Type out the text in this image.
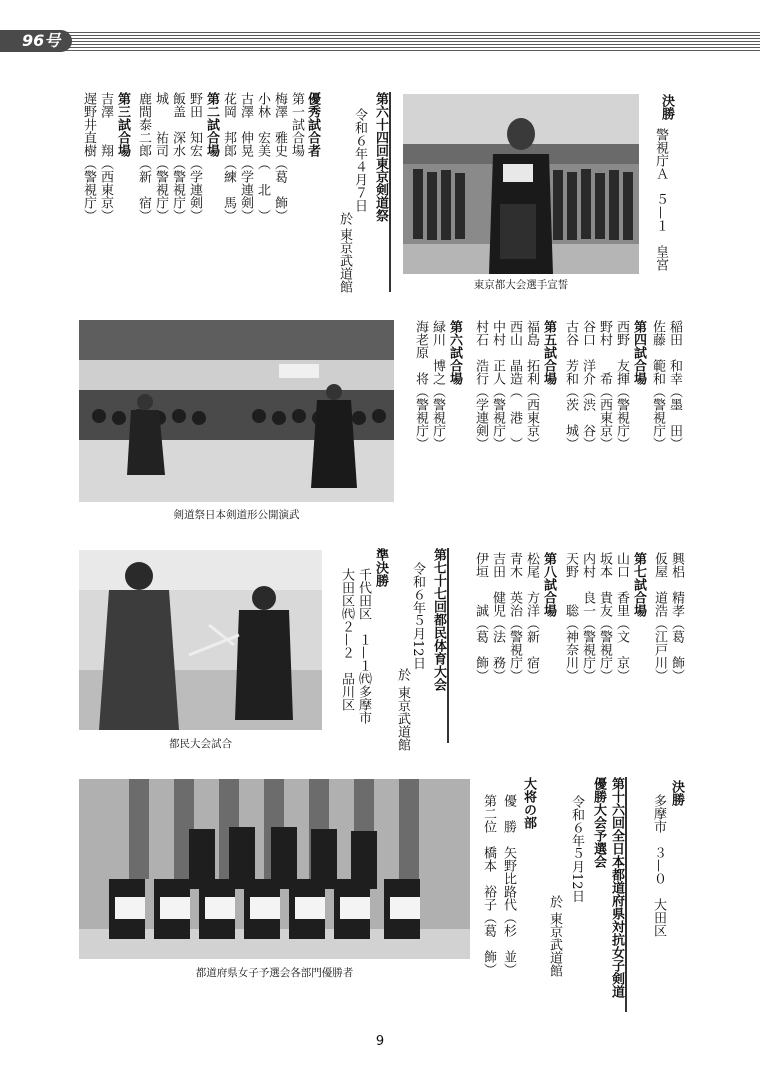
96号
決勝
警視庁Ａ５—１皇宮
東京都大会選手宣誓
第六十四回東京剣道祭
令和６年４月７日
於
東京武道館
優秀試合者
第一試合場
梅澤　雅史（葛　飾）
小林　宏美（　北　）
古澤　伸晃（学連剣）
花岡　邦郎（練　馬）
第二試合場
野田　知宏（学連剣）
飯盖　深水（警視庁）
城　　祐司（警視庁）
鹿間泰二郎（新　宿）
第三試合場
吉澤　　翔（西東京）
遅野井直樹（警視庁）
稲田　和幸（墨　田）
佐藤　範和（警視庁）
第四試合場
西野　友揮（警視庁）
野村　　希（西東京）
谷口　洋介（渋　谷）
古谷　芳和（茨　城）
第五試合場
福島　拓利（西東京）
西山　晶造（　港　）
中村　正人（警視庁）
村石　浩行（学連剣）
第六試合場
緑川　博之（警視庁）
海老原　将（警視庁）
剣道祭日本剣道形公開演武
興梠　精孝（葛　飾）
仮屋　道浩（江戸川）
第七試合場
山口　香里（文　京）
坂本　貴友（警視庁）
内村　良一（警視庁）
天野　　聡（神奈川）
第八試合場
松尾　方洋（新　宿）
青木　英治（警視庁）
吉田　健児（法　務）
伊垣　　誠（葛　飾）
第七十七回都民体育大会
令和６年５月12日
於
東京武道館
準決勝
千代田区　１—１㈹多摩市
大田区㈹２—２　品川区
都民大会試合
決勝
多摩市３—０大田区
第十六回全日本都道府県対抗女子剣道
優勝大会予選会
令和６年５月12日
於
東京武道館
大将の部
優　勝　矢野比路代（杉　並）
第二位　橋本　裕子（葛　飾）
都道府県女子予選会各部門優勝者
9
